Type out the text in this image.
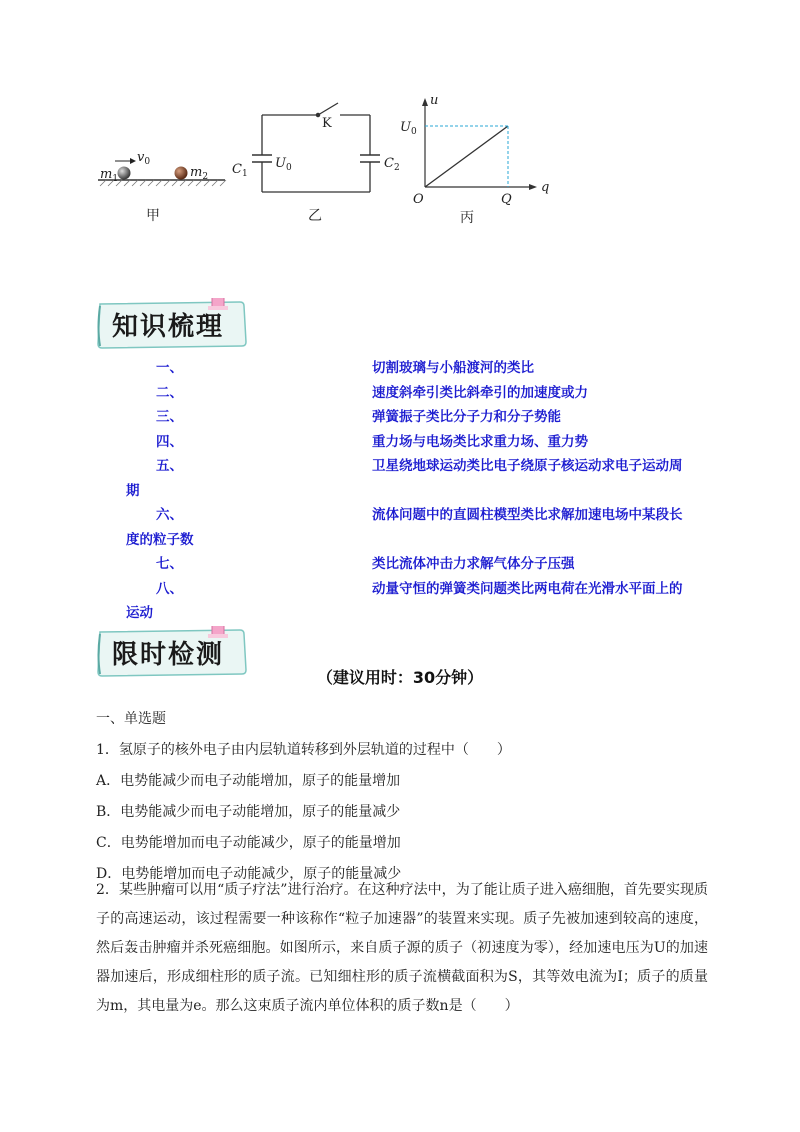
$m_1$	$m_2$
$v_0$
甲
K
$C_1$
$U_0$	$C_2$
乙
u
q
$U_0$
O	Q
丙
知识梳理
一、	切割玻璃与小船渡河的类比
二、	速度斜牵引类比斜牵引的加速度或力
三、	弹簧振子类比分子力和分子势能
四、	重力场与电场类比求重力场、重力势
五、	卫星绕地球运动类比电子绕原子核运动求电子运动周
期
六、	流体问题中的直圆柱模型类比求解加速电场中某段长
度的粒子数
七、	类比流体冲击力求解气体分子压强
八、	动量守恒的弹簧类问题类比两电荷在光滑水平面上的
运动
限时检测
（建议用时：30分钟）
一、单选题
1．氢原子的核外电子由内层轨道转移到外层轨道的过程中（　　）
A．电势能减少而电子动能增加，原子的能量增加
B．电势能减少而电子动能增加，原子的能量减少
C．电势能增加而电子动能减少，原子的能量增加
D．电势能增加而电子动能减少，原子的能量减少
2．某些肿瘤可以用“质子疗法”进行治疗。在这种疗法中，为了能让质子进入癌细胞，首先要实现质子的高速运动，该过程需要一种该称作“粒子加速器”的装置来实现。质子先被加速到较高的速度，然后轰击肿瘤并杀死癌细胞。如图所示，来自质子源的质子（初速度为零），经加速电压为U的加速器加速后，形成细柱形的质子流。已知细柱形的质子流横截面积为S，其等效电流为I；质子的质量为m，其电量为e。那么这束质子流内单位体积的质子数n是（　　）
